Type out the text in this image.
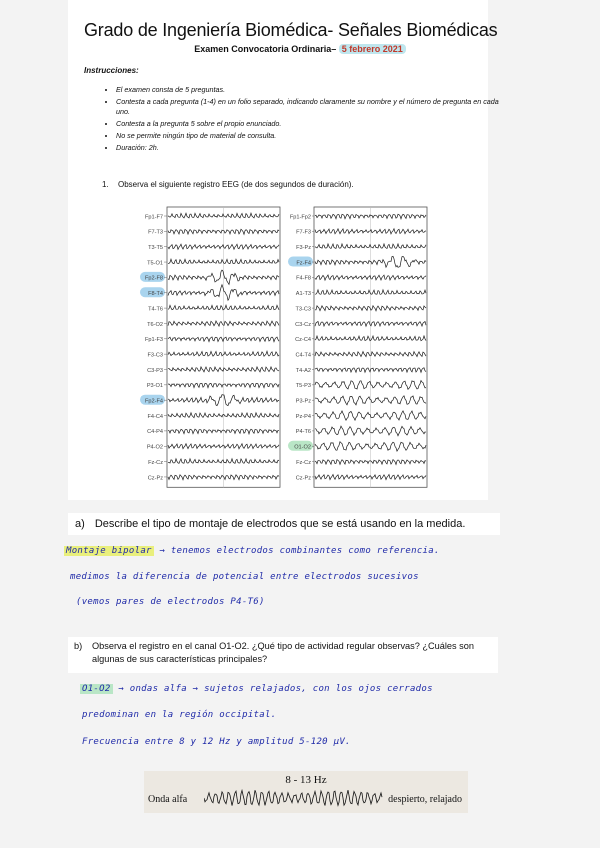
Grado de Ingeniería Biomédica- Señales Biomédicas
Examen Convocatoria Ordinaria– 5 febrero 2021
Instrucciones:
• El examen consta de 5 preguntas.
• Contesta a cada pregunta (1-4) en un folio separado, indicando claramente su nombre y el número de pregunta en cada uno.
• Contesta a la pregunta 5 sobre el propio enunciado.
• No se permite ningún tipo de material de consulta.
• Duración: 2h.
1. Observa el siguiente registro EEG (de dos segundos de duración).
Fp1-F7
F7-T3
T3-T5
T5-O1
Fp2-F8
F8-T4
T4-T6
T6-O2
Fp1-F3
F3-C3
C3-P3
P3-O1
Fp2-F4
F4-C4
C4-P4
P4-O2
Fz-Cz
Cz-Pz
Fp1-Fp2
F7-F3
F3-Pz
Fz-F4
F4-F8
A1-T3
T3-C3
C3-Cz
Cz-C4
C4-T4
T4-A2
T5-P3
P3-Pz
Pz-P4
P4-T6
O1-O2
Fz-Cz
Cz-Pz
a) Describe el tipo de montaje de electrodos que se está usando en la medida.
Montaje bipolar → tenemos electrodos combinantes como referencia.
medimos la diferencia de potencial entre electrodos sucesivos
(vemos pares de electrodos P4-T6)
b) Observa el registro en el canal O1-O2. ¿Qué tipo de actividad regular observas? ¿Cuáles son algunas de sus características principales?
O1-O2 → ondas alfa → sujetos relajados, con los ojos cerrados
predominan en la región occipital.
Frecuencia entre 8 y 12 Hz y amplitud 5-120 µV.
8 - 13 Hz
Onda alfa	despierto, relajado
